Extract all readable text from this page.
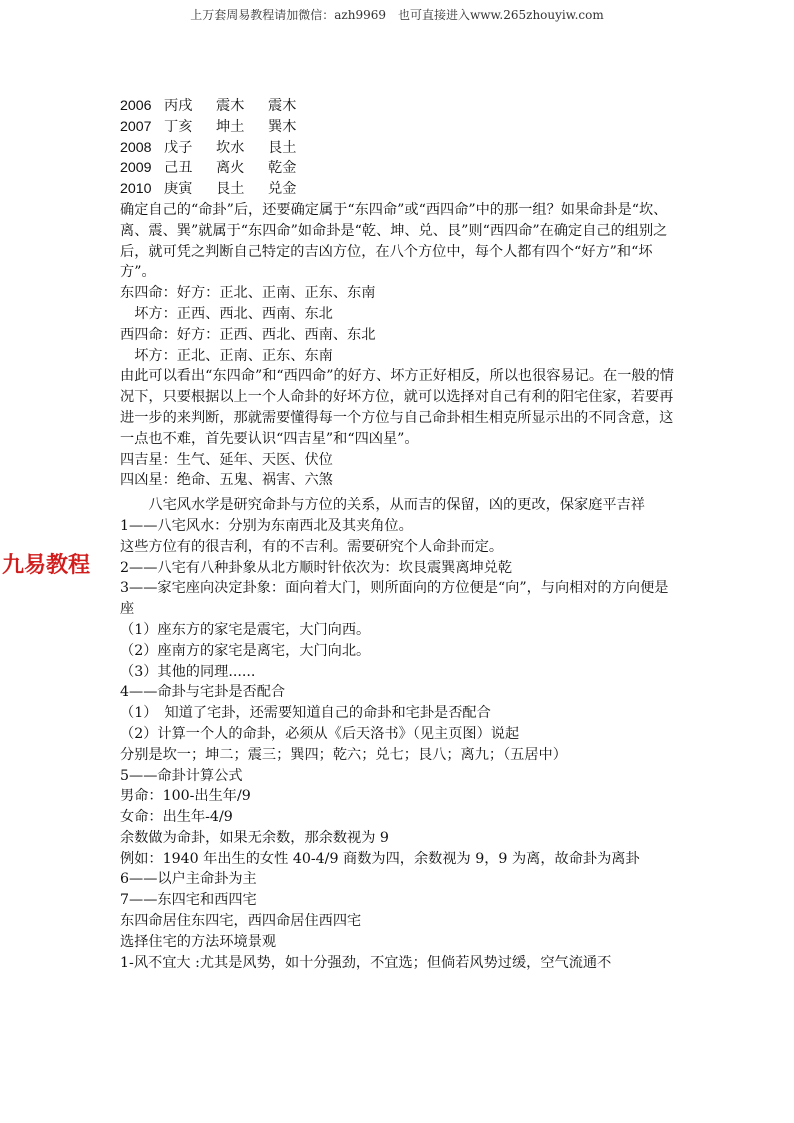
上万套周易教程请加微信：azh9969　也可直接进入www.265zhouyiw.com
九易教程
2006 丙戌	震木	震木
2007 丁亥	坤土	巽木
2008 戊子	坎水	艮土
2009 己丑	离火	乾金
2010 庚寅	艮土	兑金

确定自己的“命卦”后，还要确定属于“东四命”或“西四命”中的那一组？如果命卦是“坎、离、震、巽”就属于“东四命”如命卦是“乾、坤、兑、艮”则“西四命”在确定自己的组别之后，就可凭之判断自己特定的吉凶方位，在八个方位中，每个人都有四个“好方”和“坏方”。

东四命：好方：正北、正南、正东、东南

坏方：正西、西北、西南、东北

西四命：好方：正西、西北、西南、东北

坏方：正北、正南、正东、东南

由此可以看出“东四命”和“西四命”的好方、坏方正好相反，所以也很容易记。在一般的情况下，只要根据以上一个人命卦的好坏方位，就可以选择对自己有利的阳宅住家，若要再进一步的来判断，那就需要懂得每一个方位与自己命卦相生相克所显示出的不同含意，这一点也不难，首先要认识“四吉星”和“四凶星”。

四吉星：生气、延年、天医、伏位

四凶星：绝命、五鬼、祸害、六煞

八宅风水学是研究命卦与方位的关系，从而吉的保留，凶的更改，保家庭平吉祥

1——八宅风水：分别为东南西北及其夹角位。

这些方位有的很吉利，有的不吉利。需要研究个人命卦而定。

2——八宅有八种卦象从北方顺时针依次为：坎艮震巽离坤兑乾

3——家宅座向决定卦象：面向着大门，则所面向的方位便是“向”，与向相对的方向便是座

（1）座东方的家宅是震宅，大门向西。

（2）座南方的家宅是离宅，大门向北。

（3）其他的同理......

4——命卦与宅卦是否配合

（1）　知道了宅卦，还需要知道自己的命卦和宅卦是否配合

（2）计算一个人的命卦，必须从《后天洛书》（见主页图）说起

分别是坎一；坤二；震三；巽四；乾六；兑七；艮八；离九；（五居中）

5——命卦计算公式

男命：100-出生年/9

女命：出生年-4/9

余数做为命卦，如果无余数，那余数视为 9

例如：1940 年出生的女性 40-4/9 商数为四，余数视为 9，9 为离，故命卦为离卦

6——以户主命卦为主

7——东四宅和西四宅

东四命居住东四宅，西四命居住西四宅

选择住宅的方法环境景观

1-风不宜大 :尤其是风势，如十分强劲，不宜选；但倘若风势过缓，空气流通不
